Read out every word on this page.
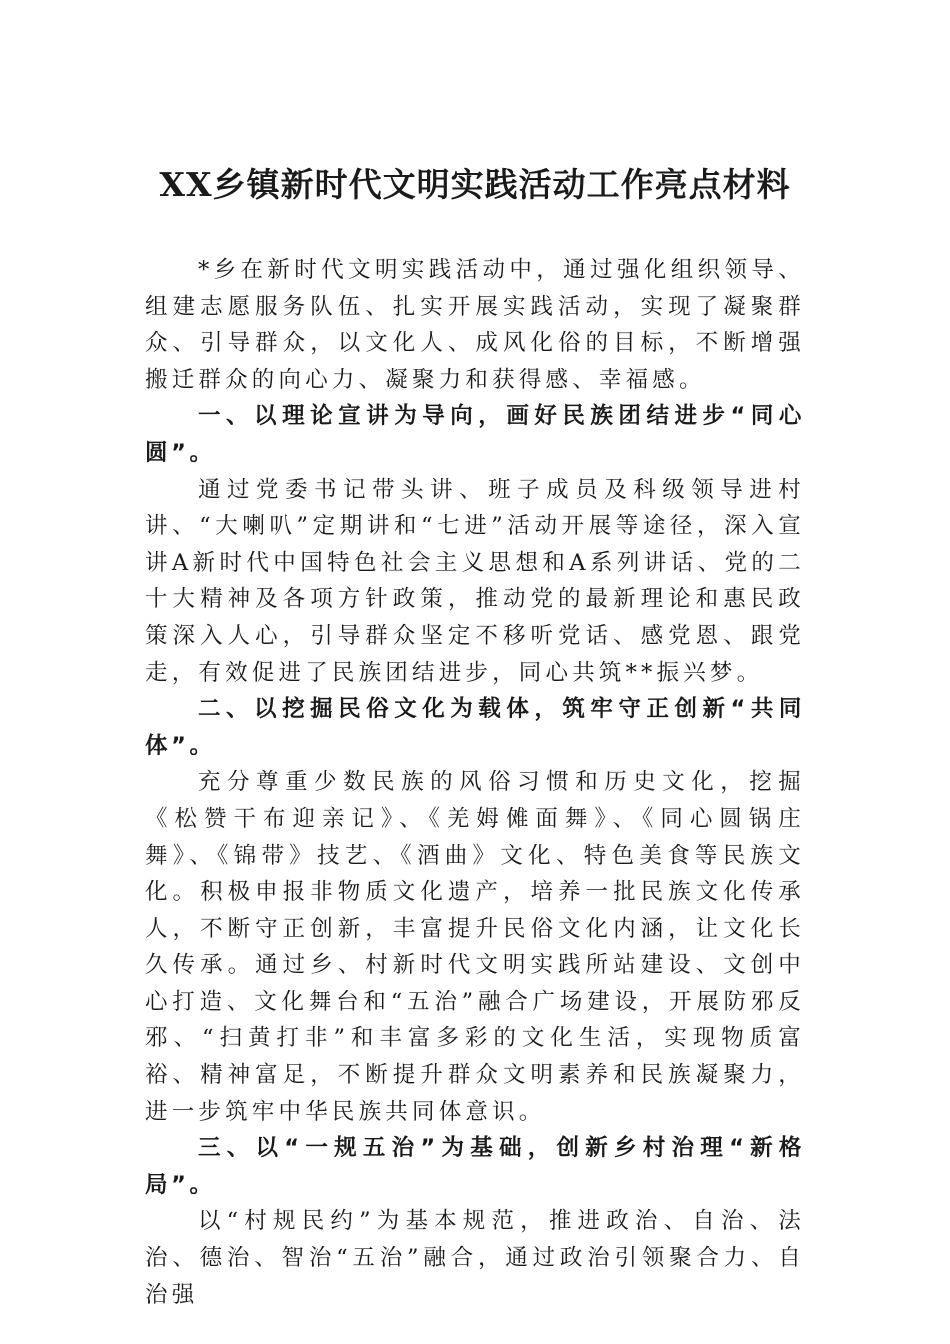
XX乡镇新时代文明实践活动工作亮点材料

*乡在新时代文明实践活动中，通过强化组织领导、组建志愿服务队伍、扎实开展实践活动，实现了凝聚群众、引导群众，以文化人、成风化俗的目标，不断增强搬迁群众的向心力、凝聚力和获得感、幸福感。

一、以理论宣讲为导向，画好民族团结进步“同心圆”。

通过党委书记带头讲、班子成员及科级领导进村讲、“大喇叭”定期讲和“七进”活动开展等途径，深入宣讲A新时代中国特色社会主义思想和A系列讲话、党的二十大精神及各项方针政策，推动党的最新理论和惠民政策深入人心，引导群众坚定不移听党话、感党恩、跟党走，有效促进了民族团结进步，同心共筑**振兴梦。

二、以挖掘民俗文化为载体，筑牢守正创新“共同体”。

充分尊重少数民族的风俗习惯和历史文化，挖掘《松赞干布迎亲记》、《羌姆傩面舞》、《同心圆锅庄舞》、《锦带》技艺、《酒曲》文化、特色美食等民族文化。积极申报非物质文化遗产，培养一批民族文化传承人，不断守正创新，丰富提升民俗文化内涵，让文化长久传承。通过乡、村新时代文明实践所站建设、文创中心打造、文化舞台和“五治”融合广场建设，开展防邪反邪、“扫黄打非”和丰富多彩的文化生活，实现物质富裕、精神富足，不断提升群众文明素养和民族凝聚力，进一步筑牢中华民族共同体意识。

三、以“一规五治”为基础，创新乡村治理“新格局”。

以“村规民约”为基本规范，推进政治、自治、法治、德治、智治“五治”融合，通过政治引领聚合力、自治强
